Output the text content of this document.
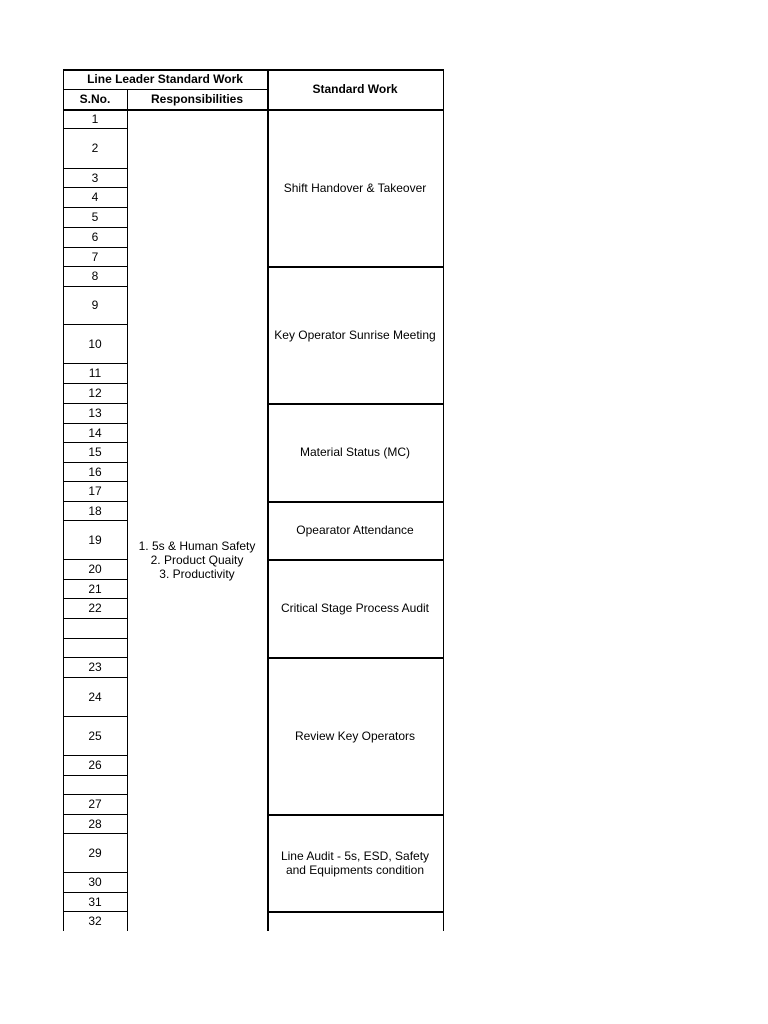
Line Leader Standard Work
S.No.	Responsibilities
Standard Work
1. 5s & Human Safety
2. Product Quaity
3. Productivity
1
2
3
4
5
6
7
8
9
10
11
12
13
14
15
16
17
18
19
20
21
22
23
24
25
26
27
28
29
30
31
32
Shift Handover & Takeover
Key Operator Sunrise Meeting
Material Status (MC)
Opearator Attendance
Critical Stage Process Audit
Review Key Operators
Line Audit - 5s, ESD, Safety
and Equipments condition
